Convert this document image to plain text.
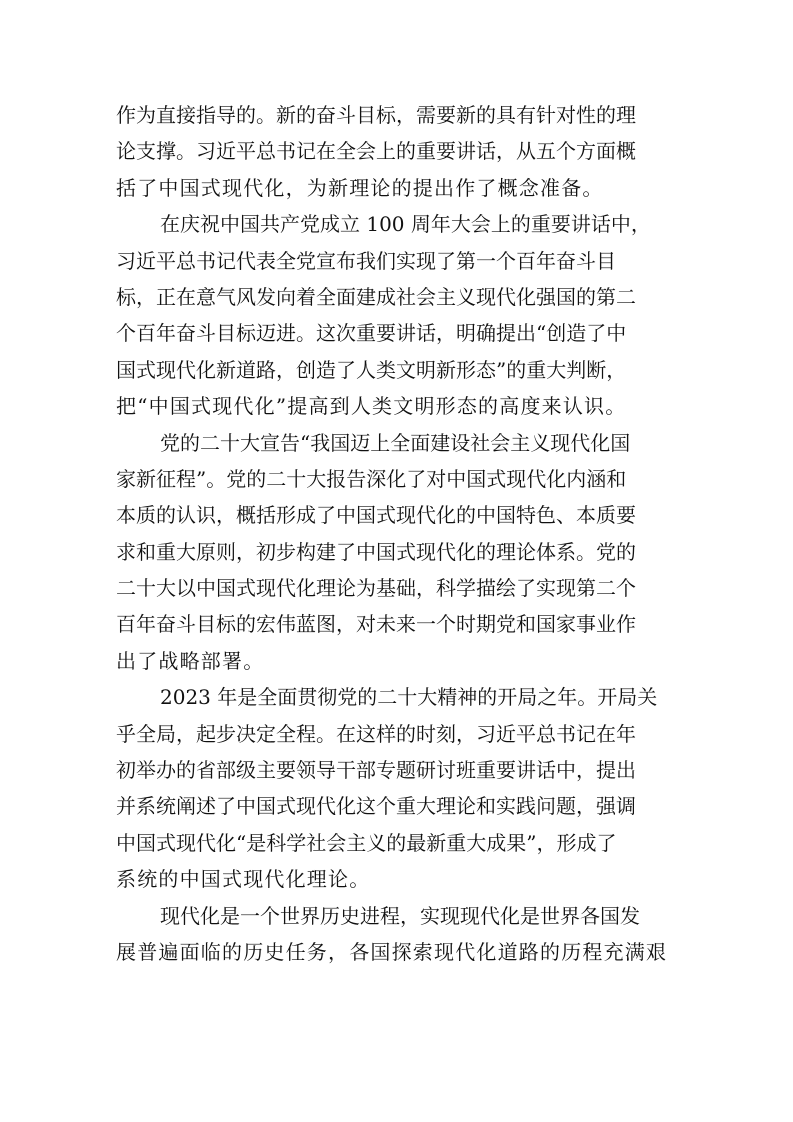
作为直接指导的。新的奋斗目标，需要新的具有针对性的理
论支撑。习近平总书记在全会上的重要讲话，从五个方面概
括了中国式现代化，为新理论的提出作了概念准备。
在庆祝中国共产党成立 100 周年大会上的重要讲话中，
习近平总书记代表全党宣布我们实现了第一个百年奋斗目
标，正在意气风发向着全面建成社会主义现代化强国的第二
个百年奋斗目标迈进。这次重要讲话，明确提出“创造了中
国式现代化新道路，创造了人类文明新形态”的重大判断，
把“中国式现代化”提高到人类文明形态的高度来认识。
党的二十大宣告“我国迈上全面建设社会主义现代化国
家新征程”。党的二十大报告深化了对中国式现代化内涵和
本质的认识，概括形成了中国式现代化的中国特色、本质要
求和重大原则，初步构建了中国式现代化的理论体系。党的
二十大以中国式现代化理论为基础，科学描绘了实现第二个
百年奋斗目标的宏伟蓝图，对未来一个时期党和国家事业作
出了战略部署。
2023 年是全面贯彻党的二十大精神的开局之年。开局关
乎全局，起步决定全程。在这样的时刻，习近平总书记在年
初举办的省部级主要领导干部专题研讨班重要讲话中，提出
并系统阐述了中国式现代化这个重大理论和实践问题，强调
中国式现代化“是科学社会主义的最新重大成果”，形成了
系统的中国式现代化理论。
现代化是一个世界历史进程，实现现代化是世界各国发
展普遍面临的历史任务，各国探索现代化道路的历程充满艰
